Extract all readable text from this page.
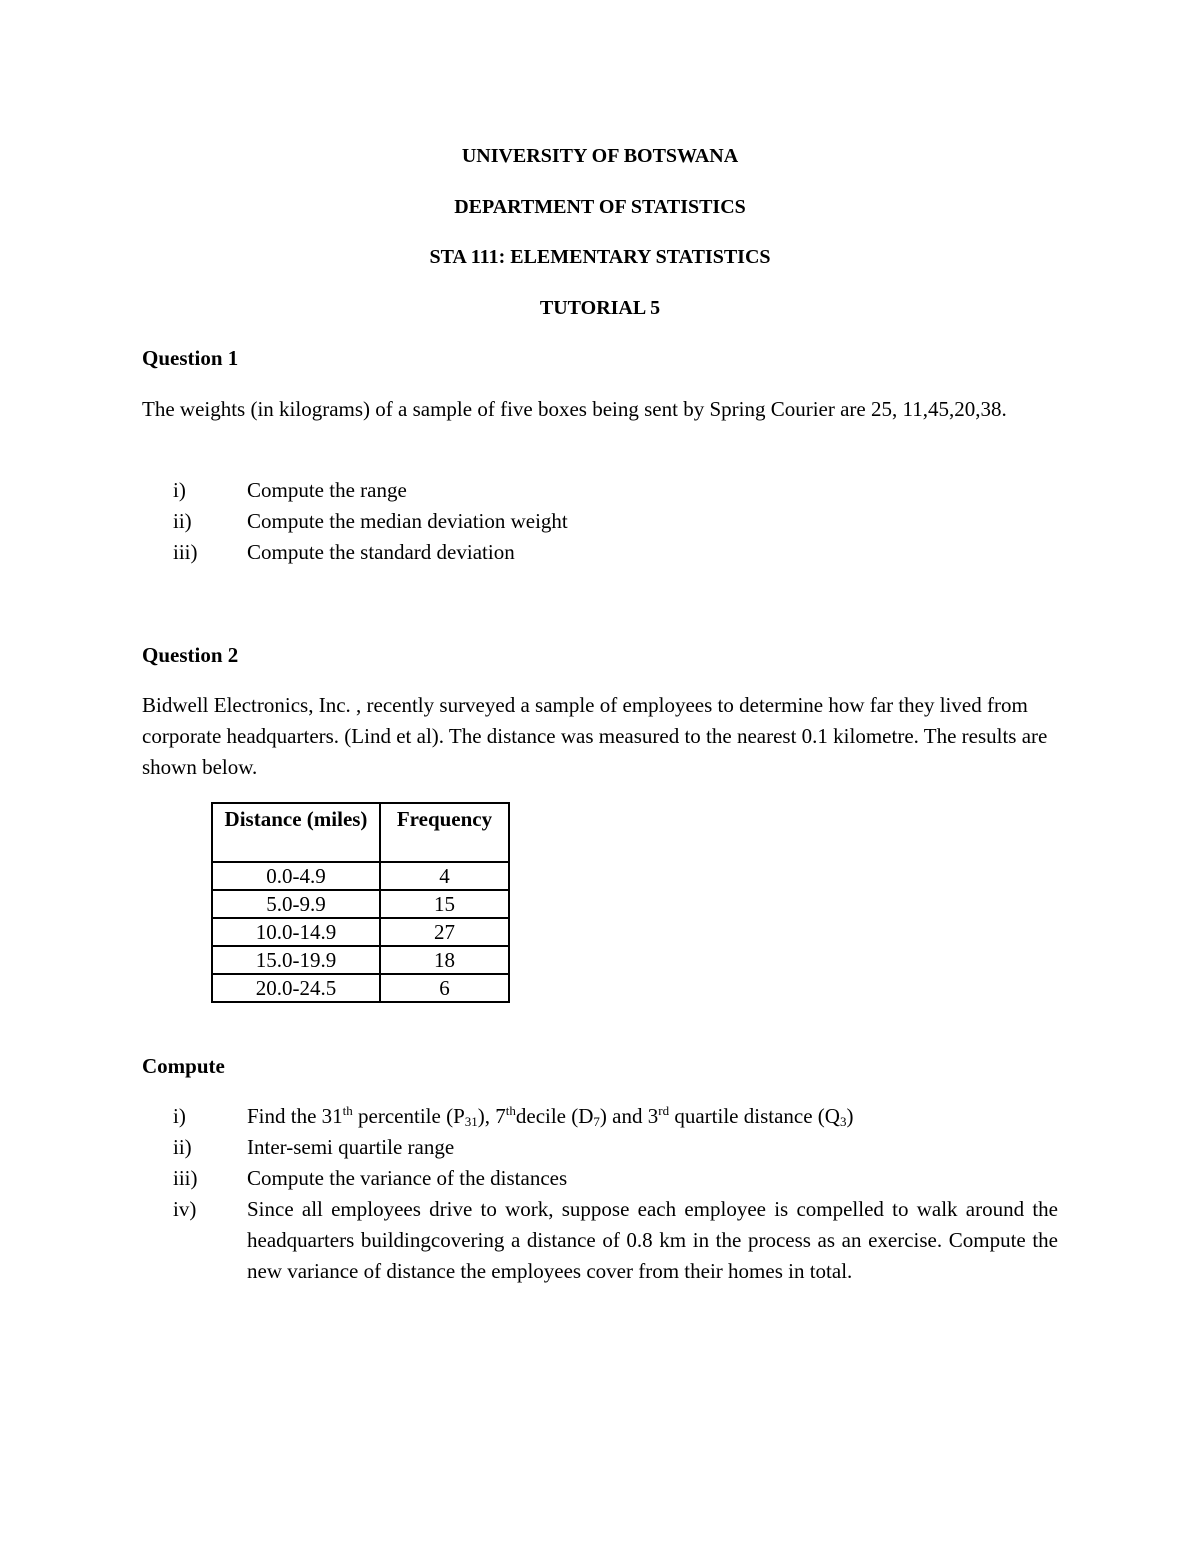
UNIVERSITY OF BOTSWANA

DEPARTMENT OF STATISTICS

STA 111: ELEMENTARY STATISTICS

TUTORIAL 5

Question 1

The weights (in kilograms) of a sample of five boxes being sent by Spring Courier are 25, 11,45,20,38.

i)	Compute the range
ii)	Compute the median deviation weight
iii) Compute the standard deviation

Question 2

Bidwell Electronics, Inc. , recently surveyed a sample of employees to determine how far they lived from corporate headquarters. (Lind et al). The distance was measured to the nearest 0.1 kilometre. The results are shown below.

Distance (miles)	Frequency
0.0-4.9	4
5.0-9.9	15
10.0-14.9	27
15.0-19.9	18
20.0-24.5	6

Compute

i)	Find the 31th percentile $(P_{31})$, 7thdecile $(D_7)$ and 3rd quartile distance $(Q_3)$
ii)	Inter-semi quartile range
iii) Compute the variance of the distances
iv) Since all employees drive to work, suppose each employee is compelled to walk around the headquarters buildingcovering a distance of 0.8 km in the process as an exercise. Compute the new variance of distance the employees cover from their homes in total.
